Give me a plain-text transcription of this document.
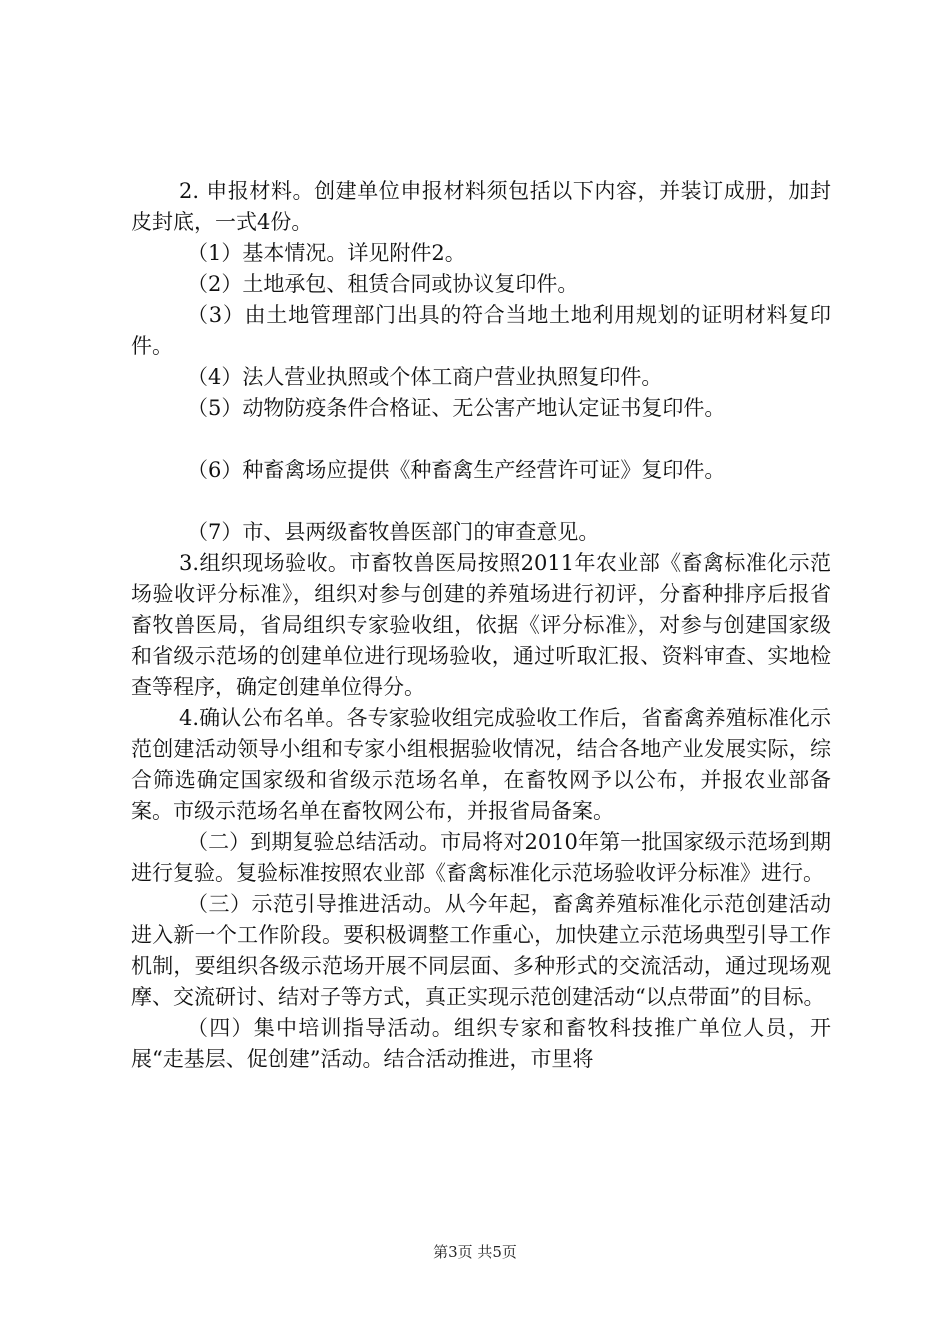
2. 申报材料。创建单位申报材料须包括以下内容，并装订成册，加封皮封底，一式4份。

（1）基本情况。详见附件2。

（2）土地承包、租赁合同或协议复印件。

（3）由土地管理部门出具的符合当地土地利用规划的证明材料复印件。

（4）法人营业执照或个体工商户营业执照复印件。

（5）动物防疫条件合格证、无公害产地认定证书复印件。

（6）种畜禽场应提供《种畜禽生产经营许可证》复印件。

（7）市、县两级畜牧兽医部门的审查意见。

3.组织现场验收。市畜牧兽医局按照2011年农业部《畜禽标准化示范场验收评分标准》，组织对参与创建的养殖场进行初评，分畜种排序后报省畜牧兽医局，省局组织专家验收组，依据《评分标准》，对参与创建国家级和省级示范场的创建单位进行现场验收，通过听取汇报、资料审查、实地检查等程序，确定创建单位得分。

4.确认公布名单。各专家验收组完成验收工作后，省畜禽养殖标准化示范创建活动领导小组和专家小组根据验收情况，结合各地产业发展实际，综合筛选确定国家级和省级示范场名单，在畜牧网予以公布，并报农业部备案。市级示范场名单在畜牧网公布，并报省局备案。

（二）到期复验总结活动。市局将对2010年第一批国家级示范场到期进行复验。复验标准按照农业部《畜禽标准化示范场验收评分标准》进行。

（三）示范引导推进活动。从今年起，畜禽养殖标准化示范创建活动进入新一个工作阶段。要积极调整工作重心，加快建立示范场典型引导工作机制，要组织各级示范场开展不同层面、多种形式的交流活动，通过现场观摩、交流研讨、结对子等方式，真正实现示范创建活动“以点带面”的目标。

（四）集中培训指导活动。组织专家和畜牧科技推广单位人员，开展“走基层、促创建”活动。结合活动推进，市里将

第3页 共5页
